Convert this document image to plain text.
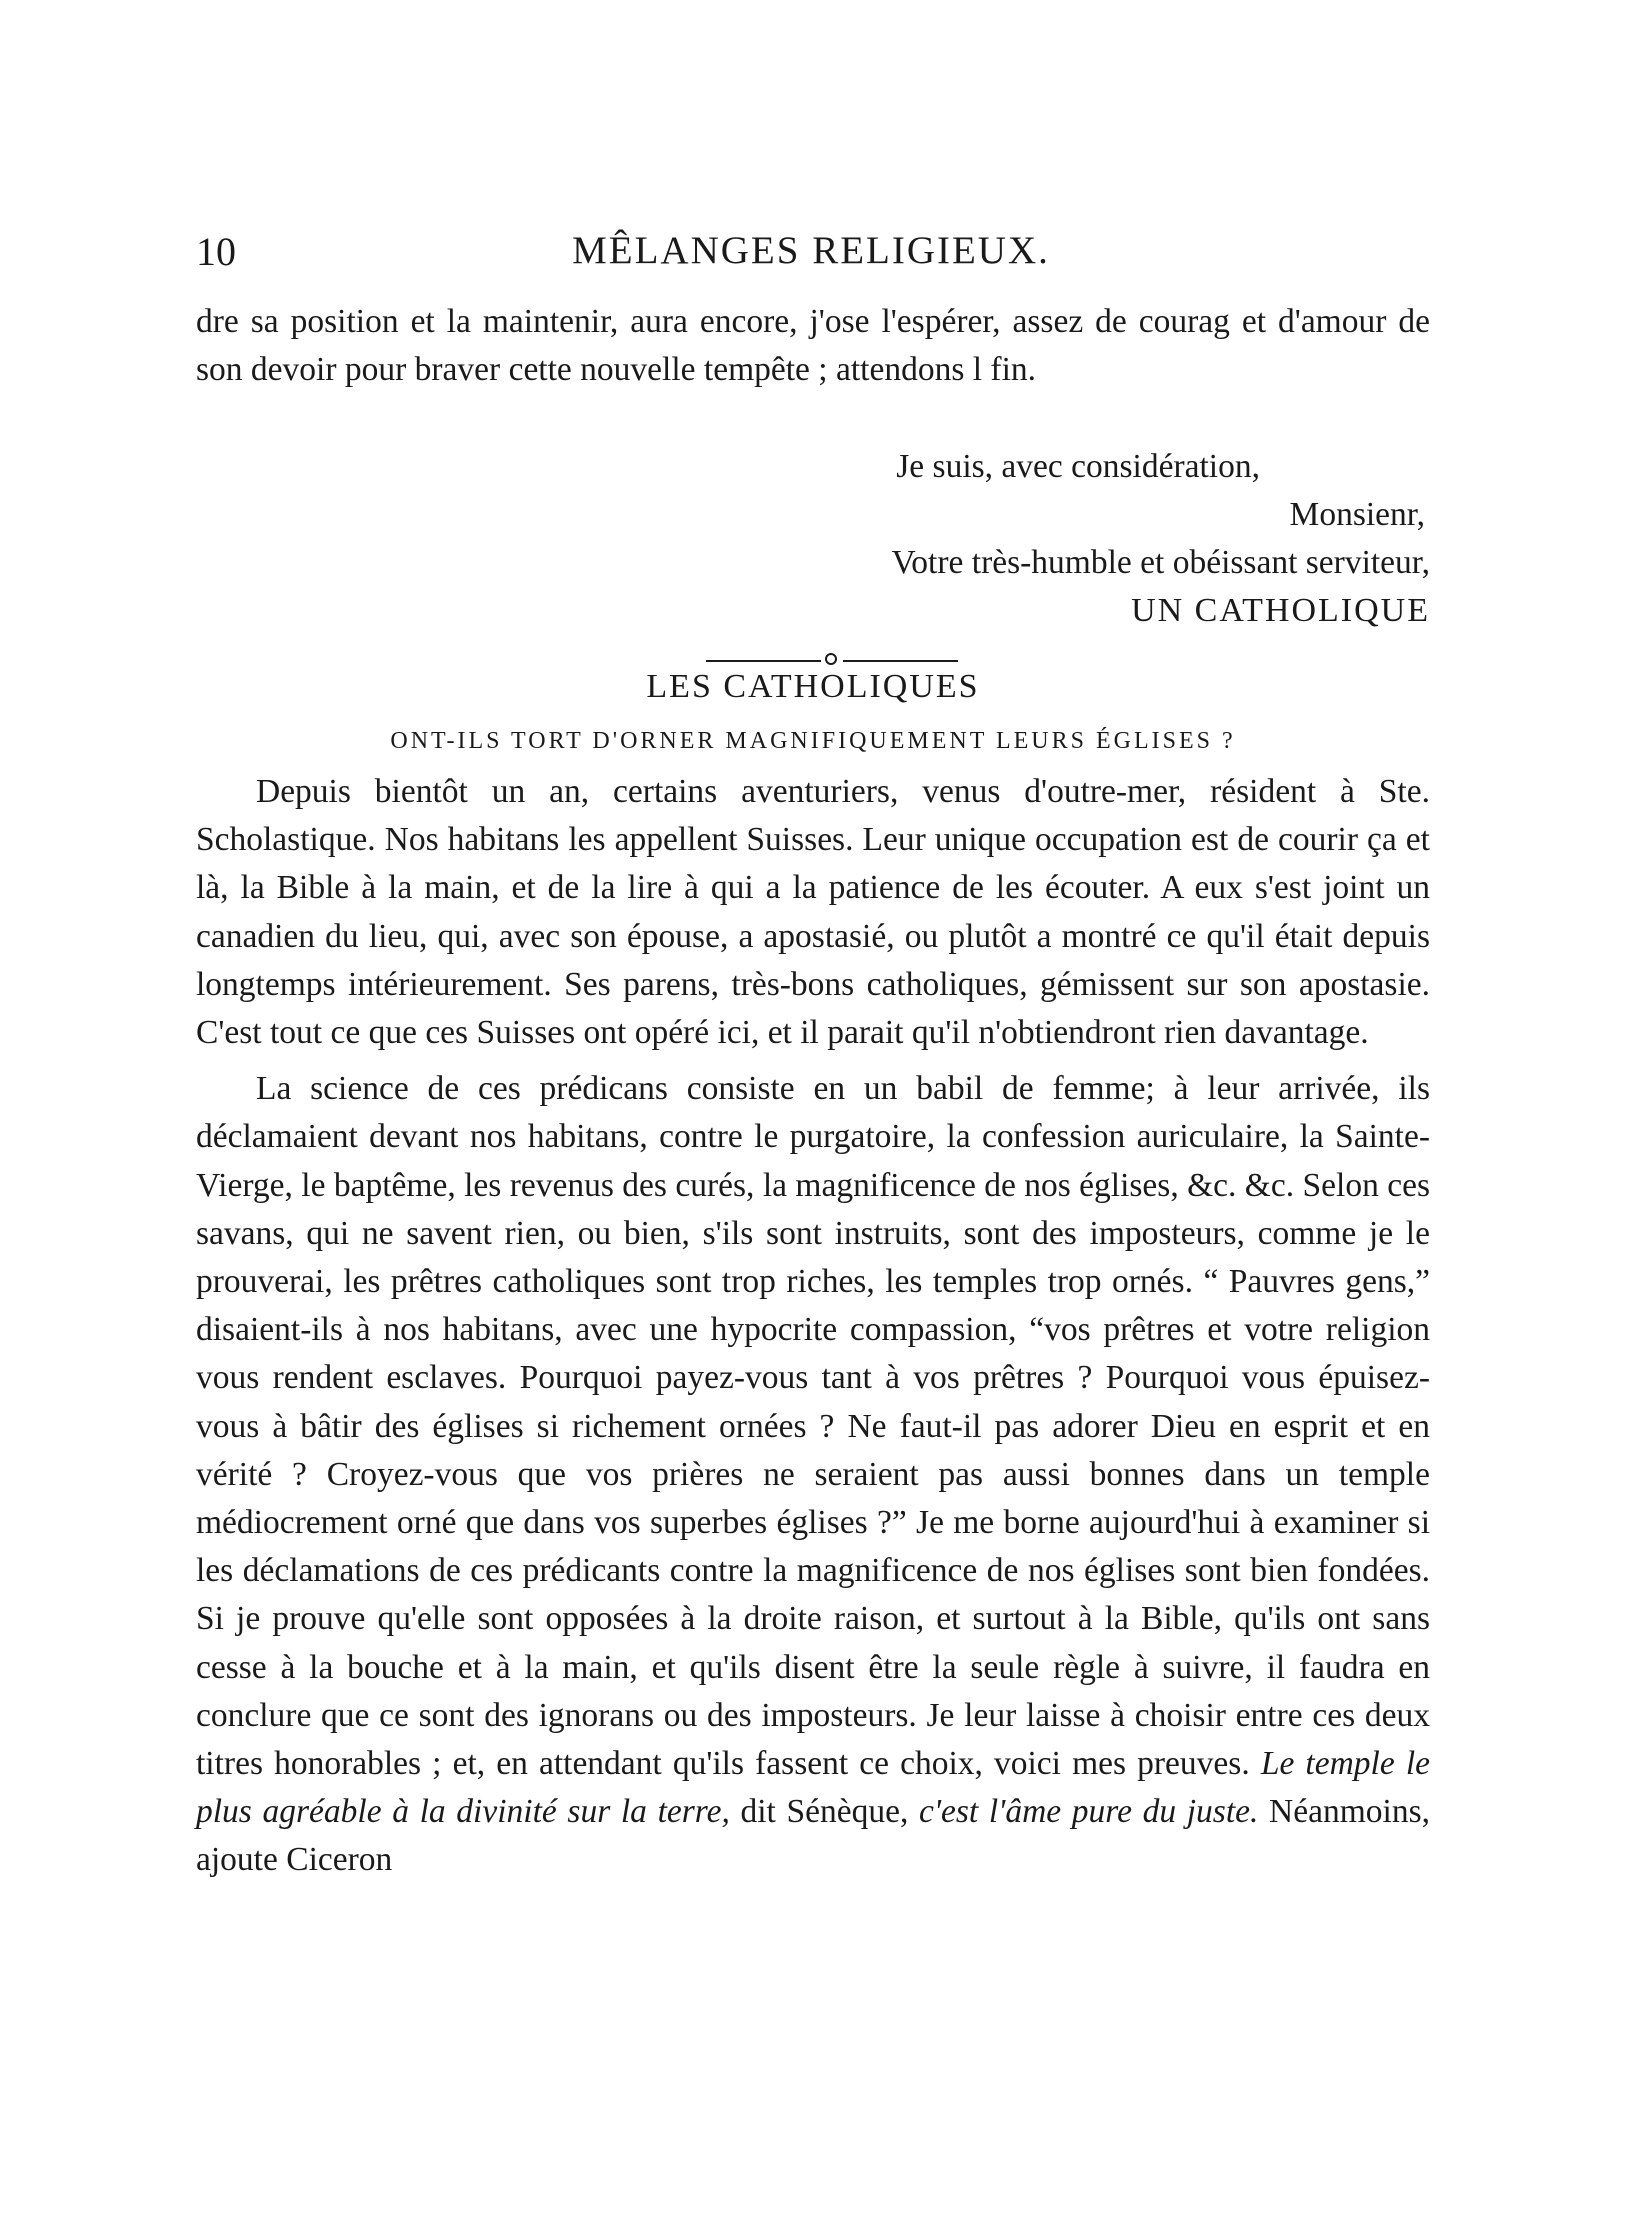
10	MÊLANGES RELIGIEUX.

dre sa position et la maintenir, aura encore, j'ose l'espérer, assez de courag et d'amour de son devoir pour braver cette nouvelle tempête ; attendons l fin.

Je suis, avec considération,
Monsienr,
Votre très-humble et obéissant serviteur,
UN CATHOLIQUE
LES CATHOLIQUES
ONT-ILS TORT D'ORNER MAGNIFIQUEMENT LEURS ÉGLISES ?

Depuis bientôt un an, certains aventuriers, venus d'outre-mer, résident à Ste. Scholastique. Nos habitans les appellent Suisses. Leur unique occupation est de courir ça et là, la Bible à la main, et de la lire à qui a la patience de les écouter. A eux s'est joint un canadien du lieu, qui, avec son épouse, a apostasié, ou plutôt a montré ce qu'il était depuis longtemps intérieurement. Ses parens, très-bons catholiques, gémissent sur son apostasie. C'est tout ce que ces Suisses ont opéré ici, et il parait qu'il n'obtiendront rien davantage.

La science de ces prédicans consiste en un babil de femme; à leur arrivée, ils déclamaient devant nos habitans, contre le purgatoire, la confession auriculaire, la Sainte-Vierge, le baptême, les revenus des curés, la magnificence de nos églises, &c. &c. Selon ces savans, qui ne savent rien, ou bien, s'ils sont instruits, sont des imposteurs, comme je le prouverai, les prêtres catholiques sont trop riches, les temples trop ornés. “ Pauvres gens,” disaient-ils à nos habitans, avec une hypocrite compassion, “vos prêtres et votre religion vous rendent esclaves. Pourquoi payez-vous tant à vos prêtres ? Pourquoi vous épuisez-vous à bâtir des églises si richement ornées ? Ne faut-il pas adorer Dieu en esprit et en vérité ? Croyez-vous que vos prières ne seraient pas aussi bonnes dans un temple médiocrement orné que dans vos superbes églises ?” Je me borne aujourd'hui à examiner si les déclamations de ces prédicants contre la magnificence de nos églises sont bien fondées. Si je prouve qu'elle sont opposées à la droite raison, et surtout à la Bible, qu'ils ont sans cesse à la bouche et à la main, et qu'ils disent être la seule règle à suivre, il faudra en conclure que ce sont des ignorans ou des imposteurs. Je leur laisse à choisir entre ces deux titres honorables ; et, en attendant qu'ils fassent ce choix, voici mes preuves. Le temple le plus agréable à la divinité sur la terre, dit Sénèque, c'est l'âme pure du juste. Néanmoins, ajoute Ciceron
